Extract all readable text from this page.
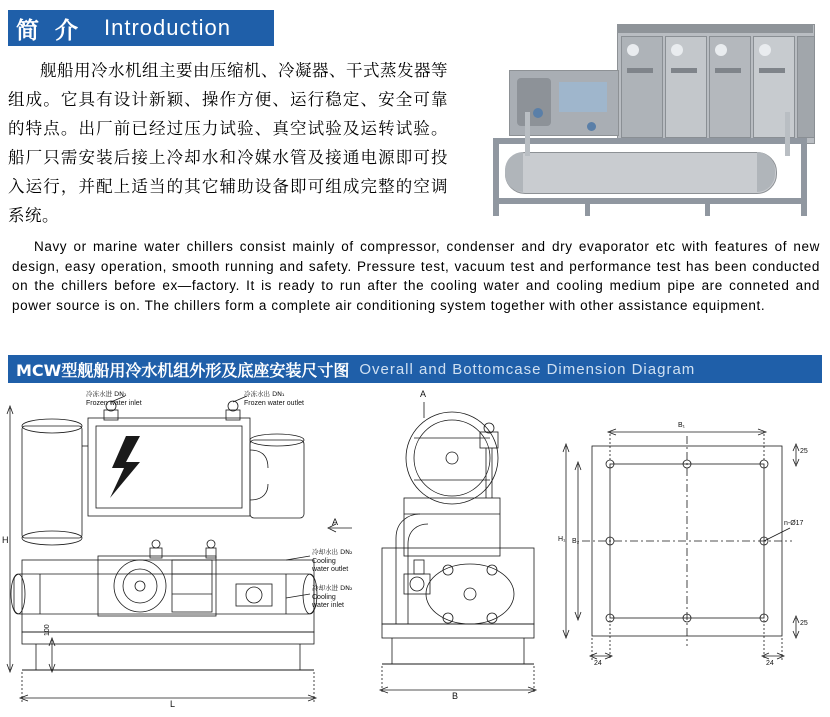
简 介 Introduction
舰船用冷水机组主要由压缩机、冷凝器、干式蒸发器等组成。它具有设计新颖、操作方便、运行稳定、安全可靠的特点。出厂前已经过压力试验、真空试验及运转试验。船厂只需安装后接上冷却水和冷媒水管及接通电源即可投入运行，并配上适当的其它辅助设备即可组成完整的空调系统。
Navy or marine water chillers consist mainly of compressor, condenser and dry evaporator etc with features of new design, easy operation, smooth running and safety. Pressure test, vacuum test and performance test has been conducted on the chillers before ex—factory. It is ready to run after the cooling water and cooling medium pipe are conneted and power source is on. The chillers form a complete air conditioning system together with other assistance equipment.
MCW型舰船用冷水机组外形及底座安装尺寸图 Overall and Bottomcase Dimension Diagram
冷冻水进 DN₁
Frozen water inlet
冷冻水出 DN₁
Frozen water outlet
冷却水出 DN₂
Cooling water outlet
冷却水进 DN₂
Cooling water inlet
H
100
L
B
A
A
H₁ B₂
B₁
n-Ø17
24	24
25
25
